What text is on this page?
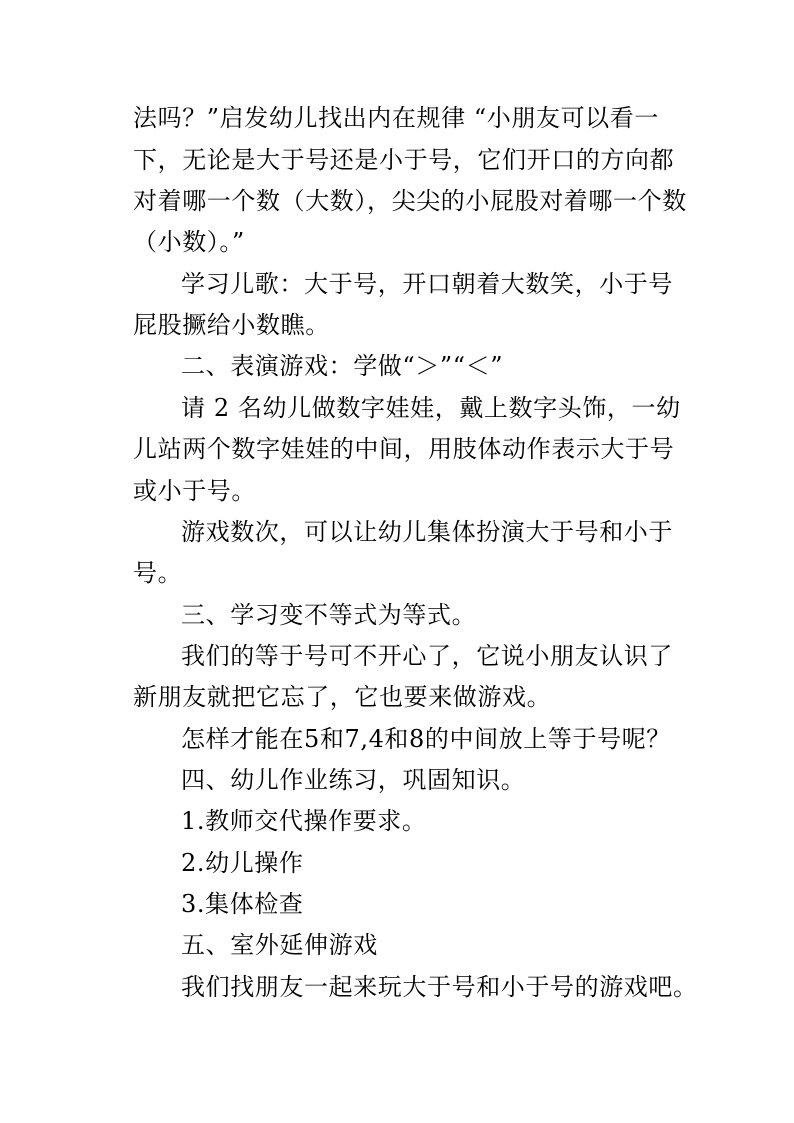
法吗？”启发幼儿找出内在规律 “小朋友可以看一
下，无论是大于号还是小于号，它们开口的方向都
对着哪一个数（大数），尖尖的小屁股对着哪一个数
（小数）。”
学习儿歌：大于号，开口朝着大数笑，小于号
屁股撅给小数瞧。
二、表演游戏：学做“＞”“＜”
请 2 名幼儿做数字娃娃，戴上数字头饰，一幼
儿站两个数字娃娃的中间，用肢体动作表示大于号
或小于号。
游戏数次，可以让幼儿集体扮演大于号和小于
号。
三、学习变不等式为等式。
我们的等于号可不开心了，它说小朋友认识了
新朋友就把它忘了，它也要来做游戏。
怎样才能在5和7,4和8的中间放上等于号呢？
四、幼儿作业练习，巩固知识。
1.教师交代操作要求。
2.幼儿操作
3.集体检查
五、室外延伸游戏
我们找朋友一起来玩大于号和小于号的游戏吧。
